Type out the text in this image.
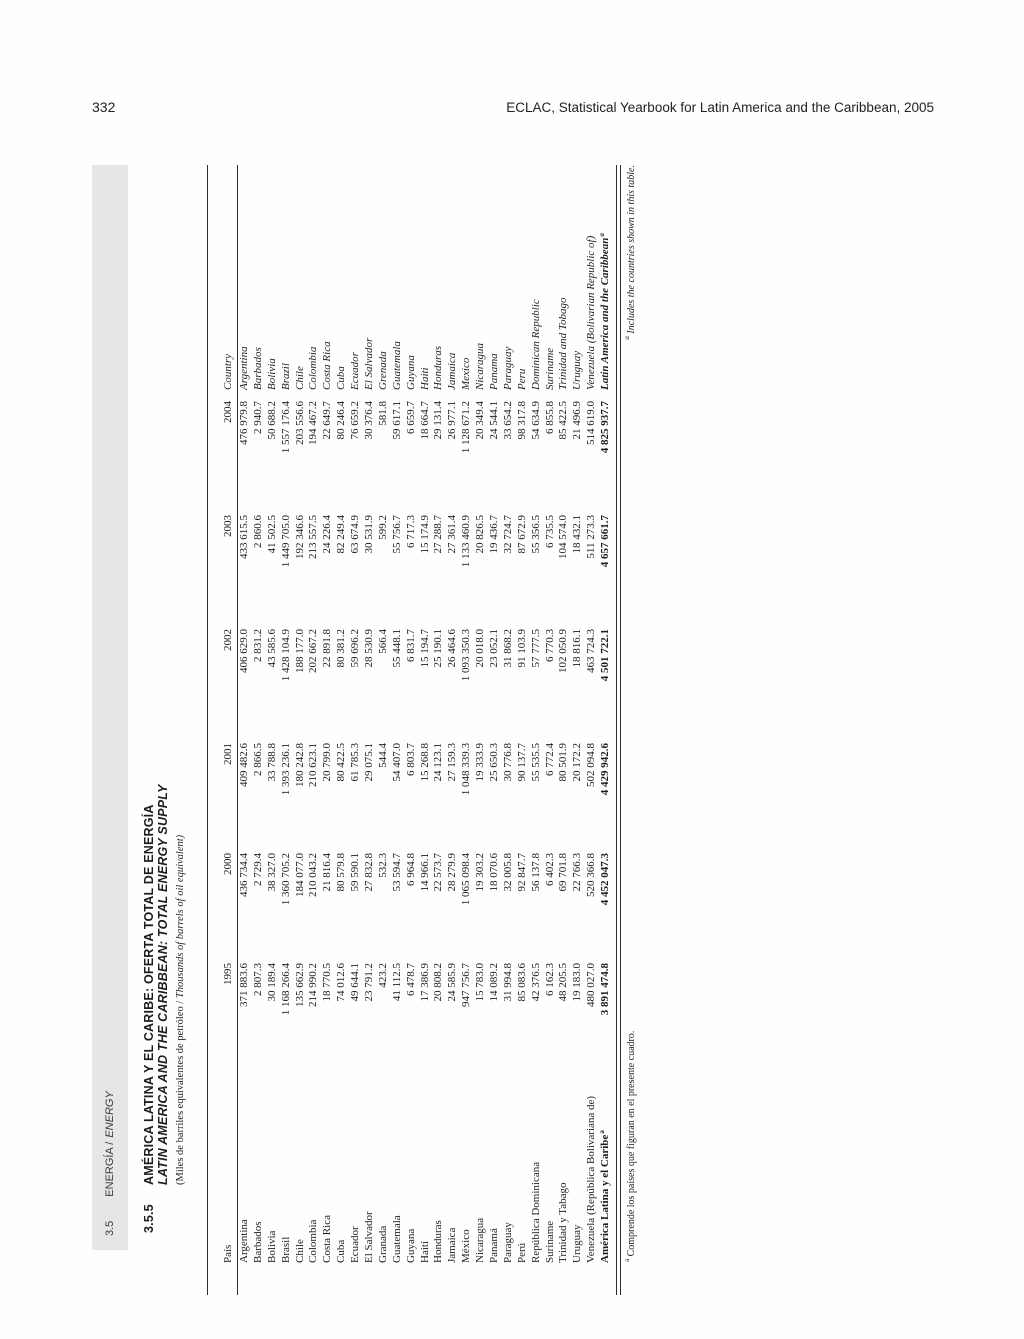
332	ECLAC, Statistical Yearbook for Latin America and the Caribbean, 2005
3.5
ENERGÍA /
ENERGY
3.5.5
AMÉRICA LATINA Y EL CARIBE: OFERTA TOTAL DE ENERGÍA LATIN AMERICA AND THE CARIBBEAN: TOTAL ENERGY SUPPLY (Miles de barriles equivalentes de petróleo / Thousands of barrels of oil equivalent)
País
1995
2000
2001
2002
2003
2004
Country
Argentina
371 883.6
436 734.4
409 482.6
406 629.0
433 615.5
476 979.8
Argentina
Barbados
2 807.3
2 729.4
2 866.5
2 831.2
2 860.6
2 940.7
Barbados
Bolivia
30 189.4
38 327.0
33 788.8
43 585.6
41 502.5
50 688.2
Bolivia
Brasil
1 168 266.4
1 360 705.2
1 393 236.1
1 428 104.9
1 449 705.0
1 557 176.4
Brazil
Chile
135 662.9
184 077.0
180 242.8
188 177.0
192 346.6
203 556.6
Chile
Colombia
214 990.2
210 043.2
210 623.1
202 667.2
213 557.5
194 467.2
Colombia
Costa Rica
18 770.5
21 816.4
20 799.0
22 891.8
24 226.4
22 649.7
Costa Rica
Cuba
74 012.6
80 579.8
80 422.5
80 381.2
82 249.4
80 246.4
Cuba
Ecuador
49 644.1
59 590.1
61 785.3
59 696.2
63 674.9
76 659.2
Ecuador
El Salvador
23 791.2
27 832.8
29 075.1
28 530.9
30 531.9
30 376.4
El Salvador
Granada
423.2
532.3
544.4
566.4
599.2
581.8
Grenada
Guatemala
41 112.5
53 594.7
54 407.0
55 448.1
55 756.7
59 617.1
Guatemala
Guyana
6 478.7
6 964.8
6 803.7
6 831.7
6 717.3
6 659.7
Guyana
Haití
17 386.9
14 966.1
15 268.8
15 194.7
15 174.9
18 664.7
Haiti
Honduras
20 808.2
22 573.7
24 123.1
25 190.1
27 288.7
29 131.4
Honduras
Jamaica
24 585.9
28 279.9
27 159.3
26 464.6
27 361.4
26 977.1
Jamaica
México
947 756.7
1 065 098.4
1 048 339.3
1 093 350.3
1 133 460.9
1 128 671.2
Mexico
Nicaragua
15 783.0
19 303.2
19 333.9
20 018.0
20 826.5
20 349.4
Nicaragua
Panamá
14 089.2
18 070.6
25 650.3
23 052.1
19 436.7
24 544.1
Panama
Paraguay
31 994.8
32 005.8
30 776.8
31 868.2
32 724.7
33 654.2
Paraguay
Perú
85 083.6
92 847.7
90 137.7
91 103.9
87 672.9
98 317.8
Peru
República Dominicana
42 376.5
56 137.8
55 535.5
57 777.5
55 356.5
54 634.9
Dominican Republic
Suriname
6 162.3
6 402.3
6 772.4
6 770.3
6 735.5
6 855.8
Suriname
Trinidad y Tabago
48 205.5
69 701.8
80 501.9
102 050.9
104 574.0
85 422.5
Trinidad and Tobago
Uruguay
19 183.0
22 766.3
20 172.2
18 816.1
18 432.1
21 496.9
Uruguay
Venezuela (República Bolivariana de)
480 027.0
520 366.8
502 094.8
463 724.3
511 273.3
514 619.0
Venezuela (Bolivarian Republic of)
América Latina y el Caribe$^a$
3 891 474.8
4 452 047.3
4 429 942.6
4 501 722.1
4 657 661.7
4 825 937.7
Latin America and the Caribbean$^a$
$^a$ Comprende los países que figuran en el presente cuadro.
$^a$ Includes the countries shown in this table.
